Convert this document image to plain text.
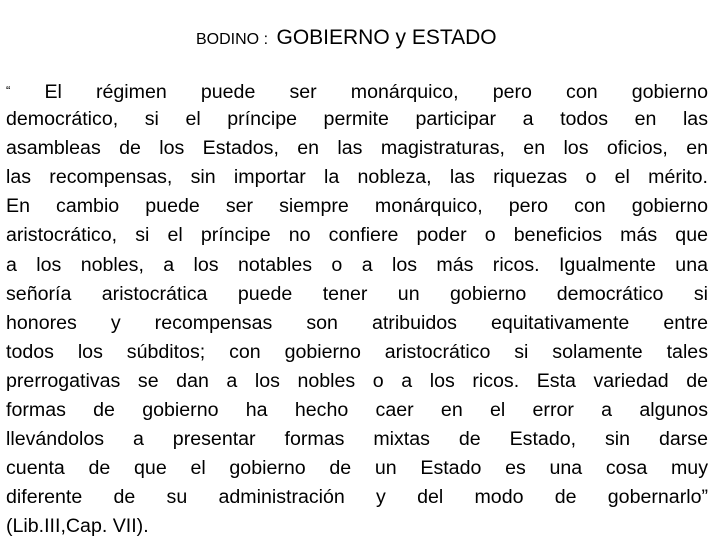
BODINO : GOBIERNO y ESTADO
“ El régimen puede ser monárquico, pero con gobierno
democrático, si el príncipe permite participar a todos en las
asambleas de los Estados, en las magistraturas, en los oficios, en
las recompensas, sin importar la nobleza, las riquezas o el mérito.
En cambio puede ser siempre monárquico, pero con gobierno
aristocrático, si el príncipe no confiere poder o beneficios más que
a los nobles, a los notables o a los más ricos. Igualmente una
señoría aristocrática puede tener un gobierno democrático si
honores y recompensas son atribuidos equitativamente entre
todos los súbditos; con gobierno aristocrático si solamente tales
prerrogativas se dan a los nobles o a los ricos. Esta variedad de
formas de gobierno ha hecho caer en el error a algunos
llevándolos a presentar formas mixtas de Estado, sin darse
cuenta de que el gobierno de un Estado es una cosa muy
diferente de su administración y del modo de gobernarlo”
(Lib.III,Cap. VII).
